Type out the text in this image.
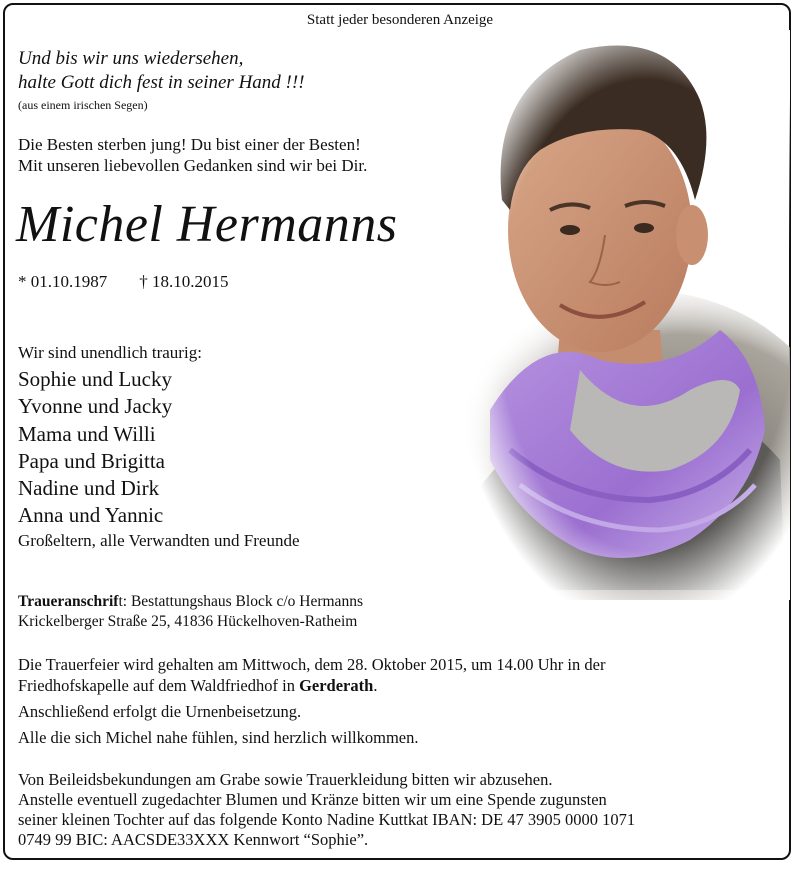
Statt jeder besonderen Anzeige
Und bis wir uns wiedersehen,
halte Gott dich fest in seiner Hand !!!
(aus einem irischen Segen)
Die Besten sterben jung! Du bist einer der Besten!
Mit unseren liebevollen Gedanken sind wir bei Dir.
Michel Hermanns
* 01.10.1987 † 18.10.2015
Wir sind unendlich traurig:
Sophie und Lucky
Yvonne und Jacky
Mama und Willi
Papa und Brigitta
Nadine und Dirk
Anna und Yannic
Großeltern, alle Verwandten und Freunde
Traueranschrift: Bestattungshaus Block c/o Hermanns
Krickelberger Straße 25, 41836 Hückelhoven-Ratheim
Die Trauerfeier wird gehalten am Mittwoch, dem 28. Oktober 2015, um 14.00 Uhr in der
Friedhofskapelle auf dem Waldfriedhof in Gerderath.
Anschließend erfolgt die Urnenbeisetzung.
Alle die sich Michel nahe fühlen, sind herzlich willkommen.
Von Beileidsbekundungen am Grabe sowie Trauerkleidung bitten wir abzusehen.
Anstelle eventuell zugedachter Blumen und Kränze bitten wir um eine Spende zugunsten
seiner kleinen Tochter auf das folgende Konto Nadine Kuttkat IBAN: DE 47 3905 0000 1071
0749 99 BIC: AACSDE33XXX Kennwort “Sophie”.
